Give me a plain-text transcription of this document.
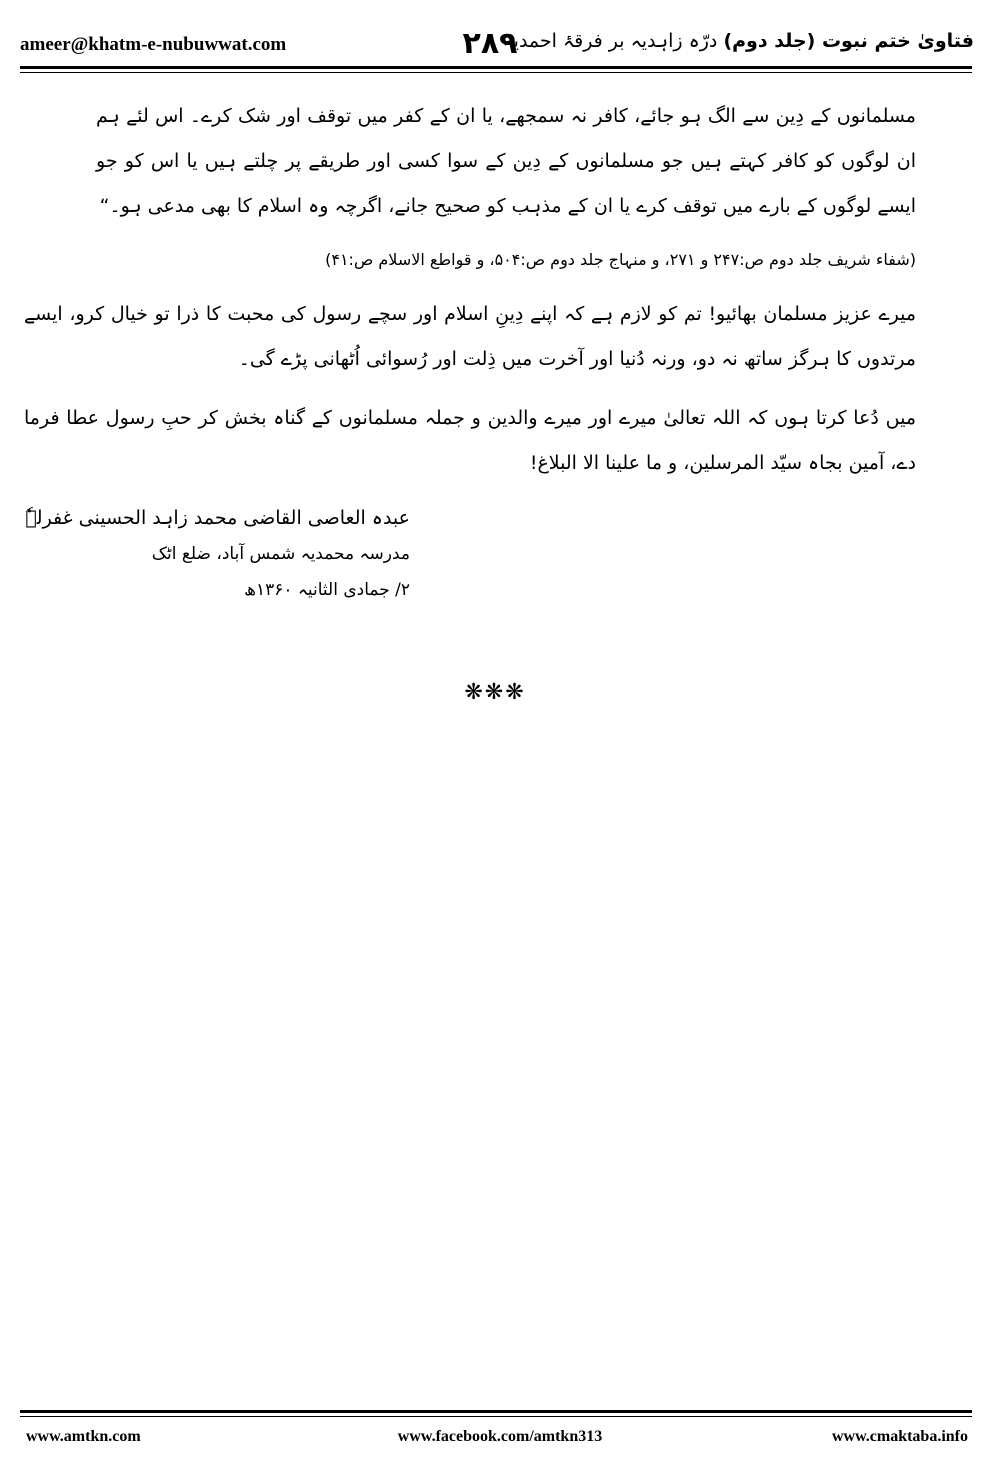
ameer@khatm-e-nubuwwat.com	۲۸۹	فتاویٰ ختم نبوت (جلد دوم) درّہ زاہدیہ بر فرقۂ احمدیہ
مسلمانوں کے دِین سے الگ ہو جائے، کافر نہ سمجھے، یا ان کے کفر میں توقف اور شک کرے۔ اس لئے ہم ان لوگوں کو کافر کہتے ہیں جو مسلمانوں کے دِین کے سوا کسی اور طریقے پر چلتے ہیں یا اس کو جو ایسے لوگوں کے بارے میں توقف کرے یا ان کے مذہب کو صحیح جانے، اگرچہ وہ اسلام کا بھی مدعی ہو۔“
(شفاء شریف جلد دوم ص:۲۴۷ و ۲۷۱، و منہاج جلد دوم ص:۵۰۴، و قواطع الاسلام ص:۴۱)
میرے عزیز مسلمان بھائیو! تم کو لازم ہے کہ اپنے دِینِ اسلام اور سچے رسول کی محبت کا ذرا تو خیال کرو، ایسے مرتدوں کا ہرگز ساتھ نہ دو، ورنہ دُنیا اور آخرت میں ذِلت اور رُسوائی اُٹھانی پڑے گی۔
میں دُعا کرتا ہوں کہ اللہ تعالیٰ میرے اور میرے والدین و جملہ مسلمانوں کے گناہ بخش کر حبِ رسول عطا فرما دے، آمین بجاہ سیّد المرسلین، و ما علینا الا البلاغ!
عبدہ العاصی القاضی محمد زاہد الحسینی غفرلہٗ
مدرسہ محمدیہ شمس آباد، ضلع اٹک
۲/ جمادی الثانیہ ۱۳۶۰ھ
❋❋❋
www.amtkn.com	www.facebook.com/amtkn313	www.cmaktaba.info
